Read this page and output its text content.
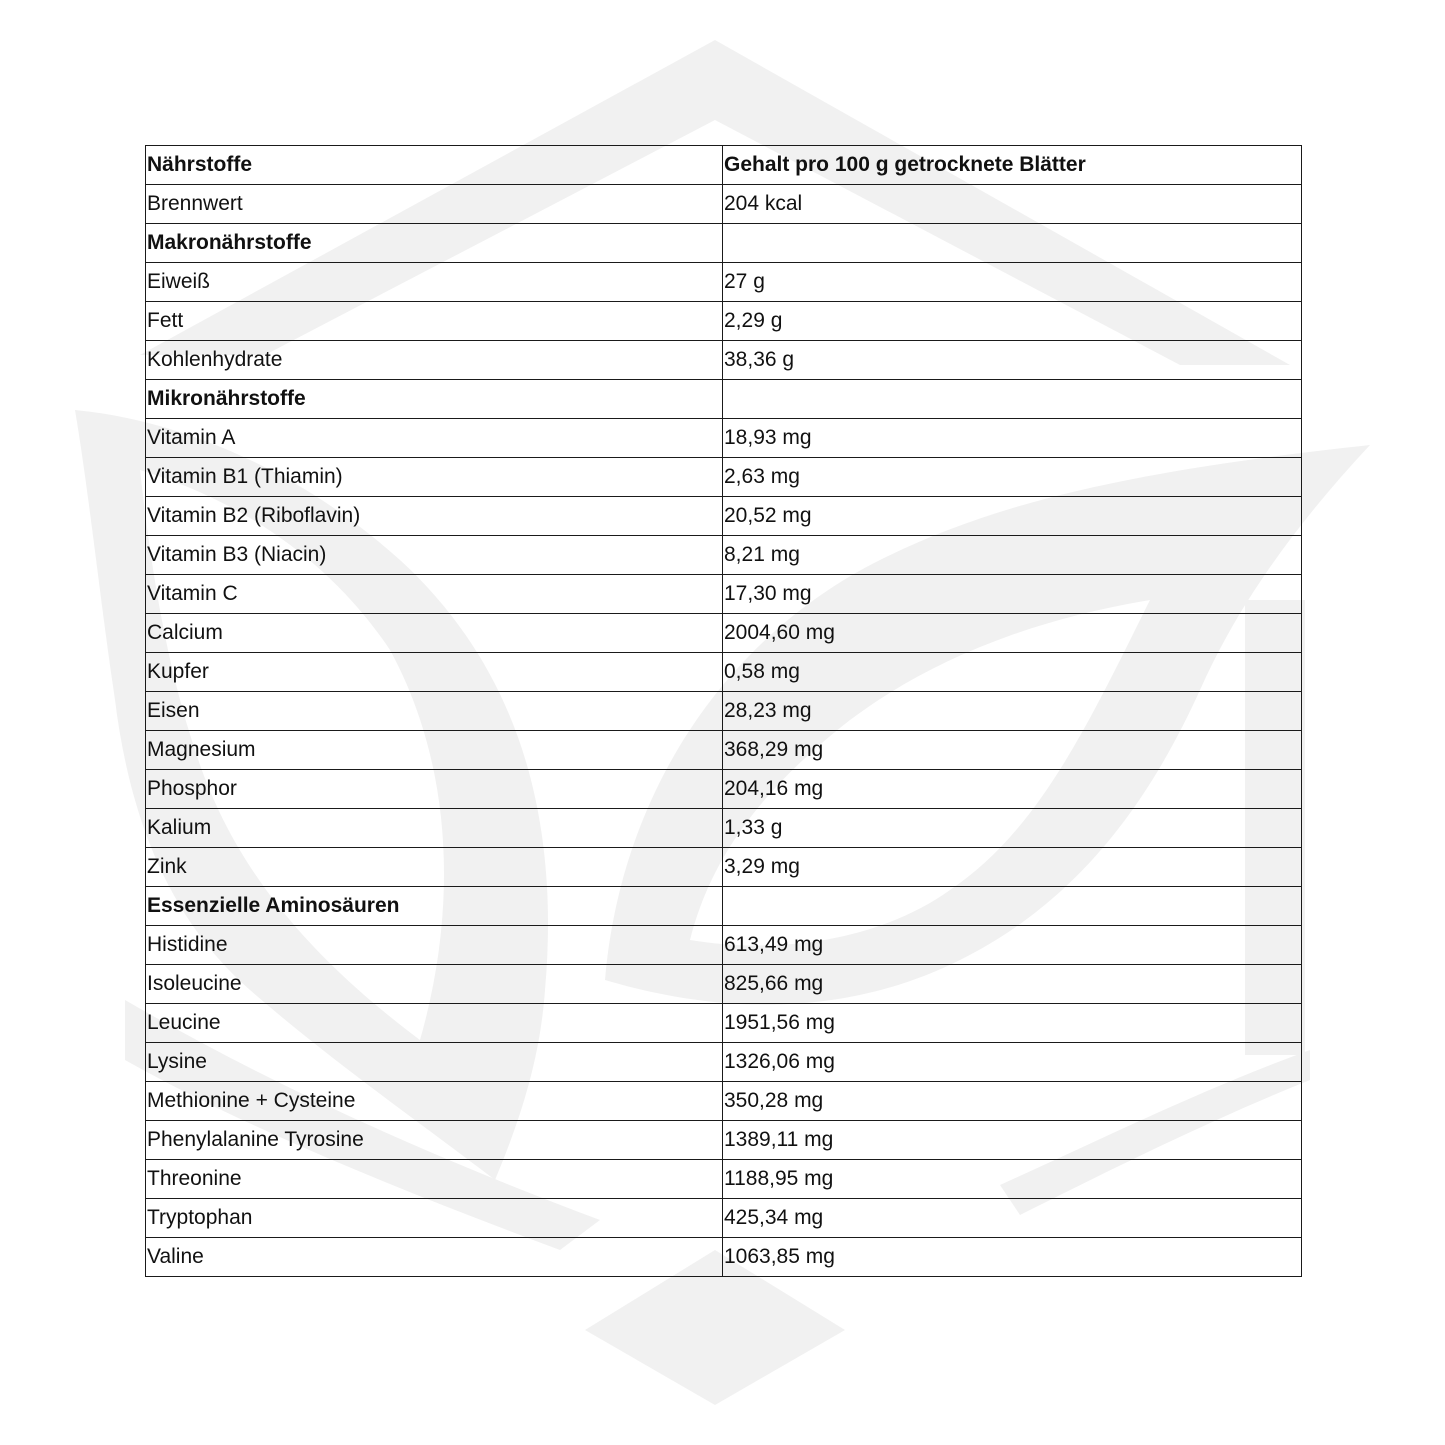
Nährstoffe	Gehalt pro 100 g getrocknete Blätter
Brennwert	204 kcal
Makronährstoffe	
Eiweiß	27 g
Fett	2,29 g
Kohlenhydrate	38,36 g
Mikronährstoffe	
Vitamin A	18,93 mg
Vitamin B1 (Thiamin)	2,63 mg
Vitamin B2 (Riboflavin)	20,52 mg
Vitamin B3 (Niacin)	8,21 mg
Vitamin C	17,30 mg
Calcium	2004,60 mg
Kupfer	0,58 mg
Eisen	28,23 mg
Magnesium	368,29 mg
Phosphor	204,16 mg
Kalium	1,33 g
Zink	3,29 mg
Essenzielle Aminosäuren	
Histidine	613,49 mg
Isoleucine	825,66 mg
Leucine	1951,56 mg
Lysine	1326,06 mg
Methionine + Cysteine	350,28 mg
Phenylalanine Tyrosine	1389,11 mg
Threonine	1188,95 mg
Tryptophan	425,34 mg
Valine	1063,85 mg
